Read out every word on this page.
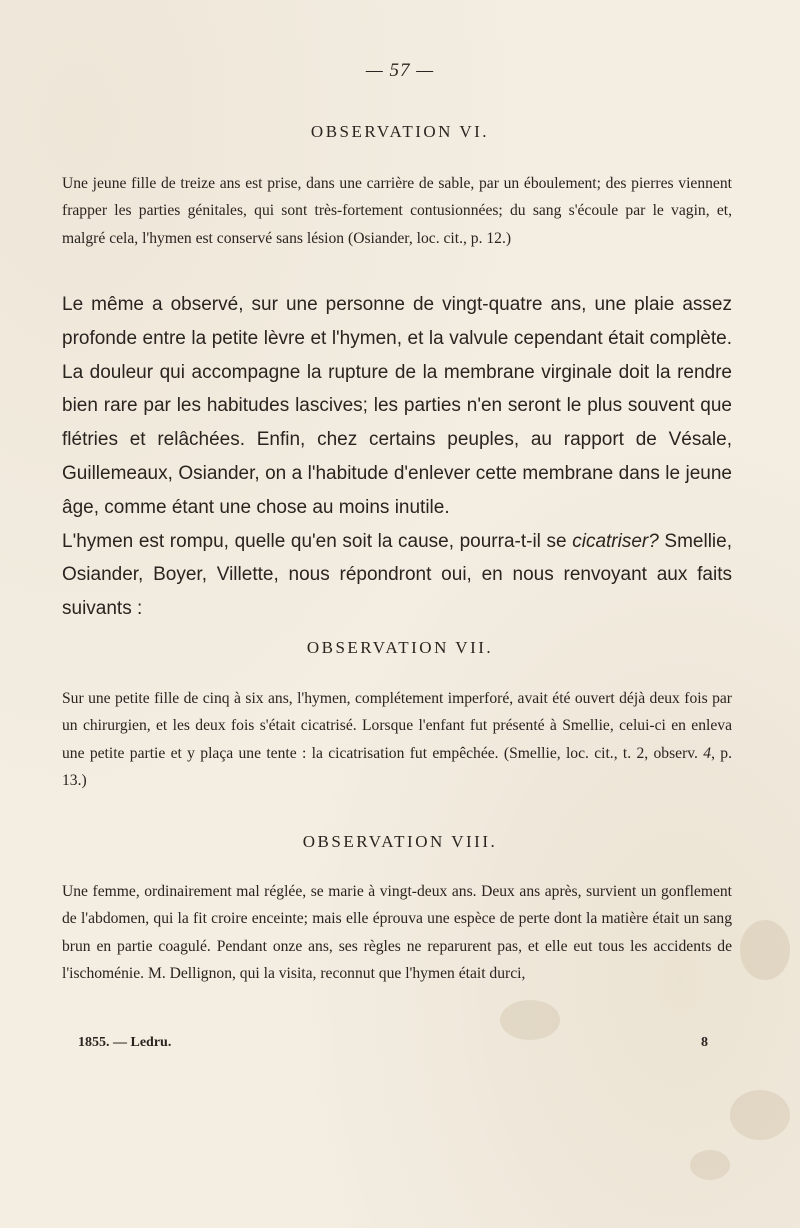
— 57 —
OBSERVATION VI.

Une jeune fille de treize ans est prise, dans une carrière de sable, par un éboulement; des pierres viennent frapper les parties génitales, qui sont très-fortement contusionnées; du sang s'écoule par le vagin, et, malgré cela, l'hymen est conservé sans lésion (Osiander, loc. cit., p. 12.)

Le même a observé, sur une personne de vingt-quatre ans, une plaie assez profonde entre la petite lèvre et l'hymen, et la valvule cependant était complète. La douleur qui accompagne la rupture de la membrane virginale doit la rendre bien rare par les habitudes lascives; les parties n'en seront le plus souvent que flétries et relâchées. Enfin, chez certains peuples, au rapport de Vésale, Guillemeaux, Osiander, on a l'habitude d'enlever cette membrane dans le jeune âge, comme étant une chose au moins inutile.

L'hymen est rompu, quelle qu'en soit la cause, pourra-t-il se cicatriser? Smellie, Osiander, Boyer, Villette, nous répondront oui, en nous renvoyant aux faits suivants :

OBSERVATION VII.

Sur une petite fille de cinq à six ans, l'hymen, complétement imperforé, avait été ouvert déjà deux fois par un chirurgien, et les deux fois s'était cicatrisé. Lorsque l'enfant fut présenté à Smellie, celui-ci en enleva une petite partie et y plaça une tente : la cicatrisation fut empêchée. (Smellie, loc. cit., t. 2, observ. 4, p. 13.)

OBSERVATION VIII.

Une femme, ordinairement mal réglée, se marie à vingt-deux ans. Deux ans après, survient un gonflement de l'abdomen, qui la fit croire enceinte; mais elle éprouva une espèce de perte dont la matière était un sang brun en partie coagulé. Pendant onze ans, ses règles ne reparurent pas, et elle eut tous les accidents de l'ischoménie. M. Dellignon, qui la visita, reconnut que l'hymen était durci,

1855. — Ledru.	8
